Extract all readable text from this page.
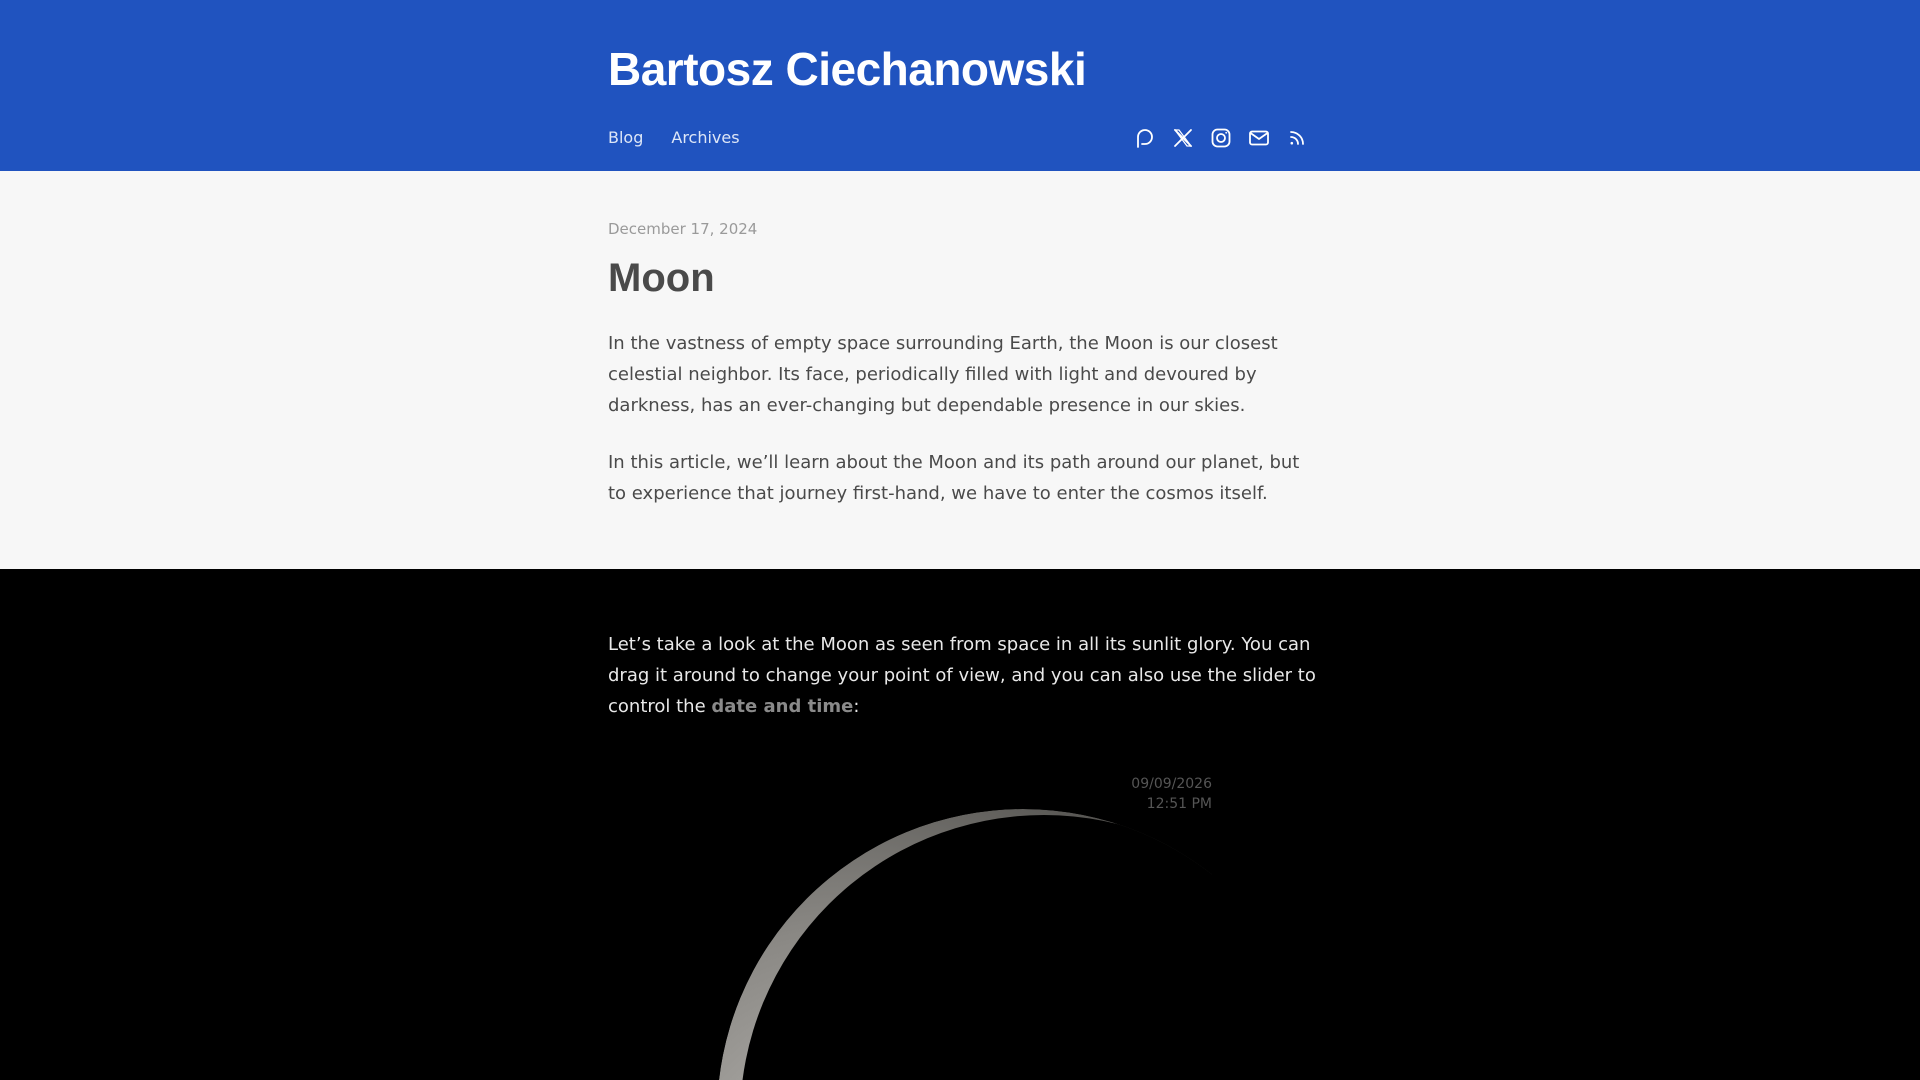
Bartosz Ciechanowski
Blog Archives
December 17, 2024
Moon

In the vastness of empty space surrounding Earth, the Moon is our closest celestial neighbor. Its face, periodically filled with light and devoured by darkness, has an ever-changing but dependable presence in our skies.

In this article, we’ll learn about the Moon and its path around our planet, but to experience that journey first-hand, we have to enter the cosmos itself.

Let’s take a look at the Moon as seen from space in all its sunlit glory. You can drag it around to change your point of view, and you can also use the slider to control the date and time:

09/09/2026
12:51 PM
